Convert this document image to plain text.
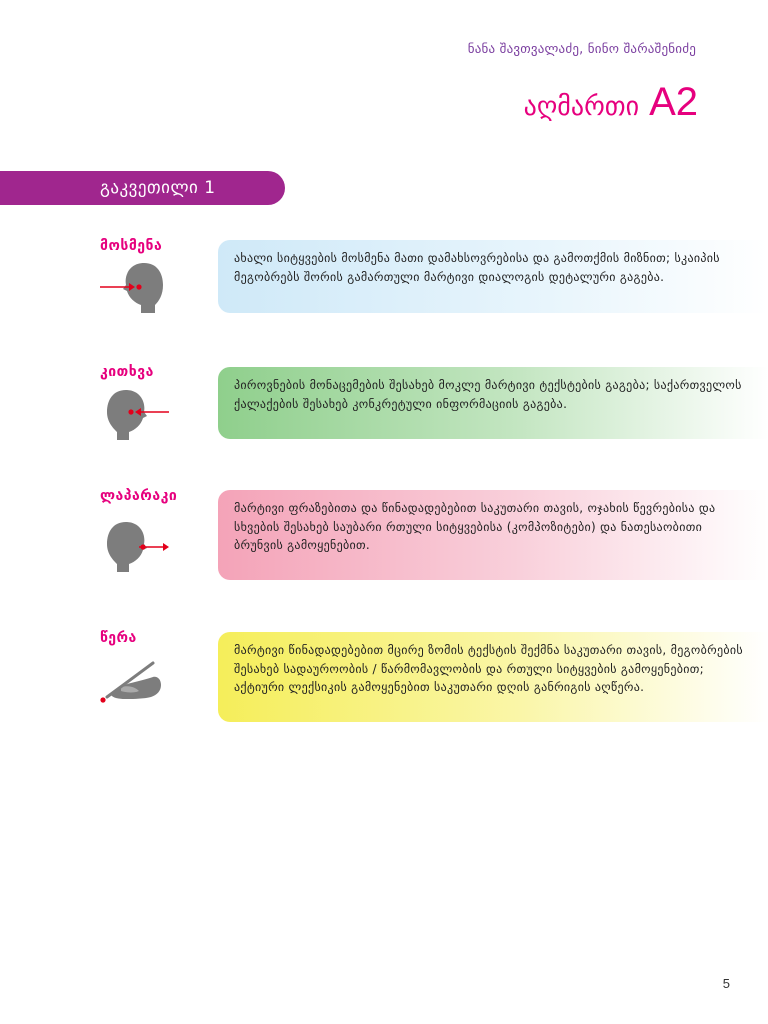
ნანა შავთვალაძე, ნინო შარაშენიძე
აღმართი A2
გაკვეთილი 1
მოსმენა
ახალი სიტყვების მოსმენა მათი დამახსოვრებისა და გამოთქმის მიზნით; სკაიპის მეგობრებს შორის გამართული მარტივი დიალოგის დეტალური გაგება.
კითხვა
პიროვნების მონაცემების შესახებ მოკლე მარტივი ტექსტების გაგება; საქართველოს ქალაქების შესახებ კონკრეტული ინფორმაციის გაგება.
ლაპარაკი
მარტივი ფრაზებითა და წინადადებებით საკუთარი თავის, ოჯახის წევრებისა და სხვების შესახებ საუბარი რთული სიტყვებისა (კომპოზიტები) და ნათესაობითი ბრუნვის გამოყენებით.
წერა
მარტივი წინადადებებით მცირე ზომის ტექსტის შექმნა საკუთარი თავის, მეგობრების შესახებ სადაუროობის / წარმომავლობის და რთული სიტყვების გამოყენებით; აქტიური ლექსიკის გამოყენებით საკუთარი დღის განრიგის აღწერა.
5
